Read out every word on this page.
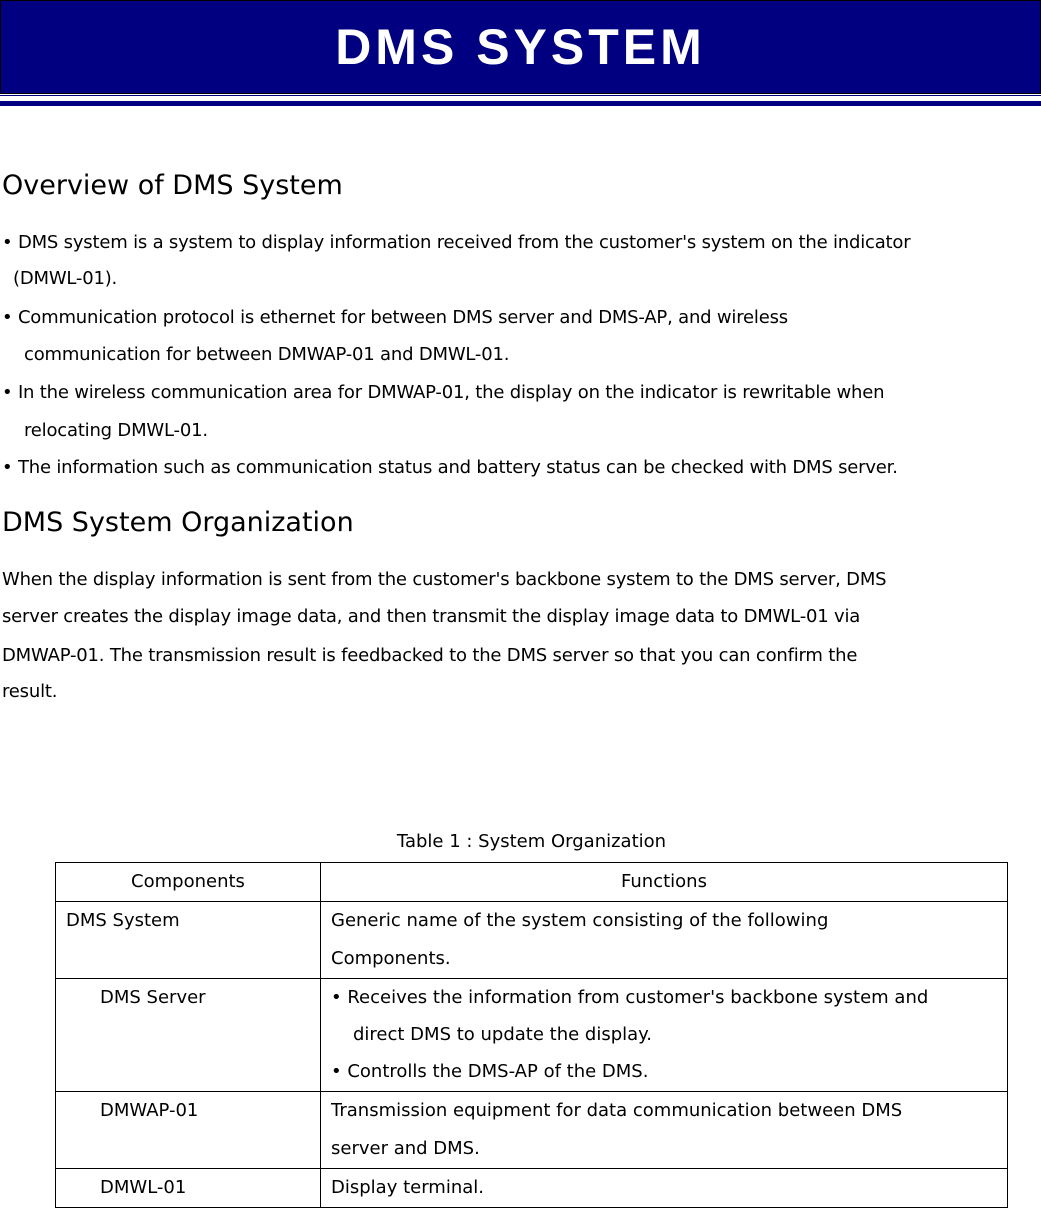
DMS SYSTEM
Overview of DMS System

• DMS system is a system to display information received from the customer's system on the indicator

(DMWL-01).

• Communication protocol is ethernet for between DMS server and DMS-AP, and wireless

communication for between DMWAP-01 and DMWL-01.

• In the wireless communication area for DMWAP-01, the display on the indicator is rewritable when

relocating DMWL-01.

• The information such as communication status and battery status can be checked with DMS server.

DMS System Organization

When the display information is sent from the customer's backbone system to the DMS server, DMS

server creates the display image data, and then transmit the display image data to DMWL-01 via

DMWAP-01. The transmission result is feedbacked to the DMS server so that you can confirm the

result.

Table 1 : System Organization
Components	Functions

DMS System	Generic name of the system consisting of the following

Components.

DMS Server	• Receives the information from customer's backbone system and

direct DMS to update the display.

• Controlls the DMS-AP of the DMS.

DMWAP-01	Transmission equipment for data communication between DMS

server and DMS.

DMWL-01	Display terminal.
